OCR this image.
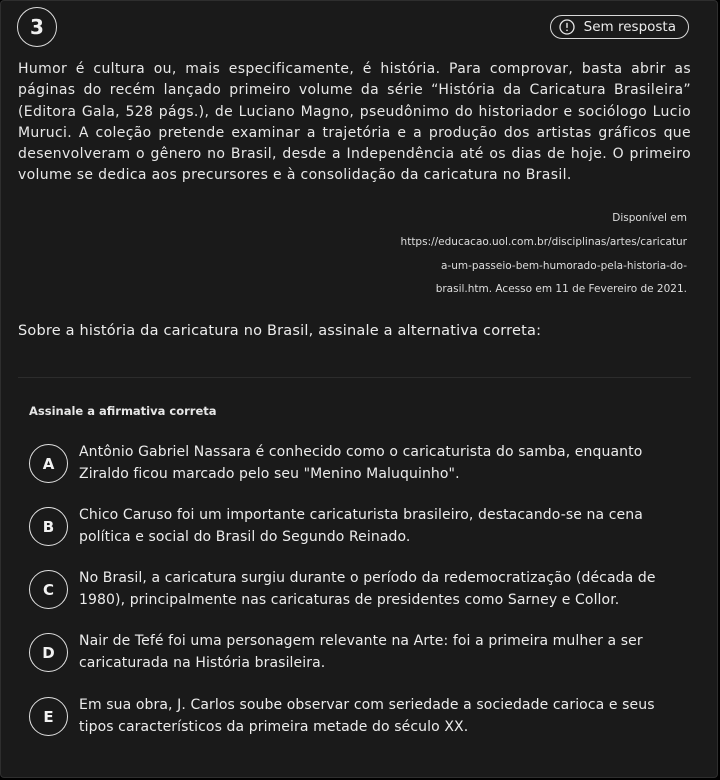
3	Sem resposta

Humor é cultura ou, mais especificamente, é história. Para comprovar, basta abrir as páginas do recém lançado primeiro volume da série “História da Caricatura Brasileira” (Editora Gala, 528 págs.), de Luciano Magno, pseudônimo do historiador e sociólogo Lucio Muruci. A coleção pretende examinar a trajetória e a produção dos artistas gráficos que desenvolveram o gênero no Brasil, desde a Independência até os dias de hoje. O primeiro volume se dedica aos precursores e à consolidação da caricatura no Brasil.

Disponível em

https://educacao.uol.com.br/disciplinas/artes/caricatur

a-um-passeio-bem-humorado-pela-historia-do-

brasil.htm. Acesso em 11 de Fevereiro de 2021.

Sobre a história da caricatura no Brasil, assinale a alternativa correta:

Assinale a afirmativa correta

A

Antônio Gabriel Nassara é conhecido como o caricaturista do samba, enquanto Ziraldo ficou marcado pelo seu "Menino Maluquinho".

B

Chico Caruso foi um importante caricaturista brasileiro, destacando-se na cena política e social do Brasil do Segundo Reinado.

C

No Brasil, a caricatura surgiu durante o período da redemocratização (década de 1980), principalmente nas caricaturas de presidentes como Sarney e Collor.

D

Nair de Tefé foi uma personagem relevante na Arte: foi a primeira mulher a ser caricaturada na História brasileira.

E

Em sua obra, J. Carlos soube observar com seriedade a sociedade carioca e seus tipos característicos da primeira metade do século XX.
